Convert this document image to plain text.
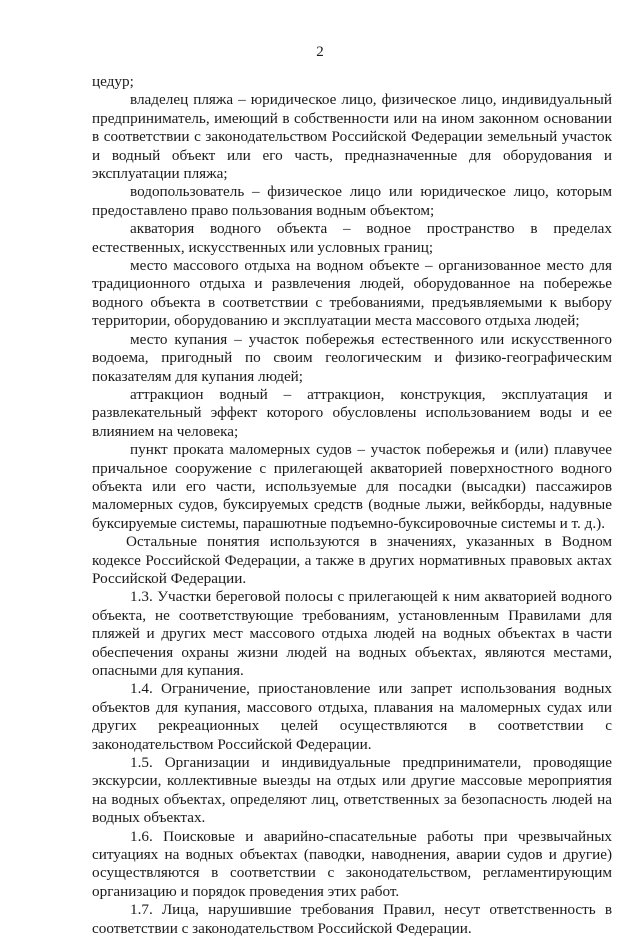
2

цедур;

владелец пляжа – юридическое лицо, физическое лицо, индивидуальный предприниматель, имеющий в собственности или на ином законном основании в соответствии с законодательством Российской Федерации земельный участок и водный объект или его часть, предназначенные для оборудования и эксплуатации пляжа;

водопользователь – физическое лицо или юридическое лицо, которым предоставлено право пользования водным объектом;

акватория водного объекта – водное пространство в пределах естественных, искусственных или условных границ;

место массового отдыха на водном объекте – организованное место для традиционного отдыха и развлечения людей, оборудованное на побережье водного объекта в соответствии с требованиями, предъявляемыми к выбору территории, оборудованию и эксплуатации места массового отдыха людей;

место купания – участок побережья естественного или искусственного водоема, пригодный по своим геологическим и физико-географическим показателям для купания людей;

аттракцион водный – аттракцион, конструкция, эксплуатация и развлекательный эффект которого обусловлены использованием воды и ее влиянием на человека;

пункт проката маломерных судов – участок побережья и (или) плавучее причальное сооружение с прилегающей акваторией поверхностного водного объекта или его части, используемые для посадки (высадки) пассажиров маломерных судов, буксируемых средств (водные лыжи, вейкборды, надувные буксируемые системы, парашютные подъемно-буксировочные системы и т. д.).

Остальные понятия используются в значениях, указанных в Водном кодексе Российской Федерации, а также в других нормативных правовых актах Российской Федерации.

1.3. Участки береговой полосы с прилегающей к ним акваторией водного объекта, не соответствующие требованиям, установленным Правилами для пляжей и других мест массового отдыха людей на водных объектах в части обеспечения охраны жизни людей на водных объектах, являются местами, опасными для купания.

1.4. Ограничение, приостановление или запрет использования водных объектов для купания, массового отдыха, плавания на маломерных судах или других рекреационных целей осуществляются в соответствии с законодательством Российской Федерации.

1.5. Организации и индивидуальные предприниматели, проводящие экскурсии, коллективные выезды на отдых или другие массовые мероприятия на водных объектах, определяют лиц, ответственных за безопасность людей на водных объектах.

1.6. Поисковые и аварийно-спасательные работы при чрезвычайных ситуациях на водных объектах (паводки, наводнения, аварии судов и другие) осуществляются в соответствии с законодательством, регламентирующим организацию и порядок проведения этих работ.

1.7. Лица, нарушившие требования Правил, несут ответственность в соответствии с законодательством Российской Федерации.
